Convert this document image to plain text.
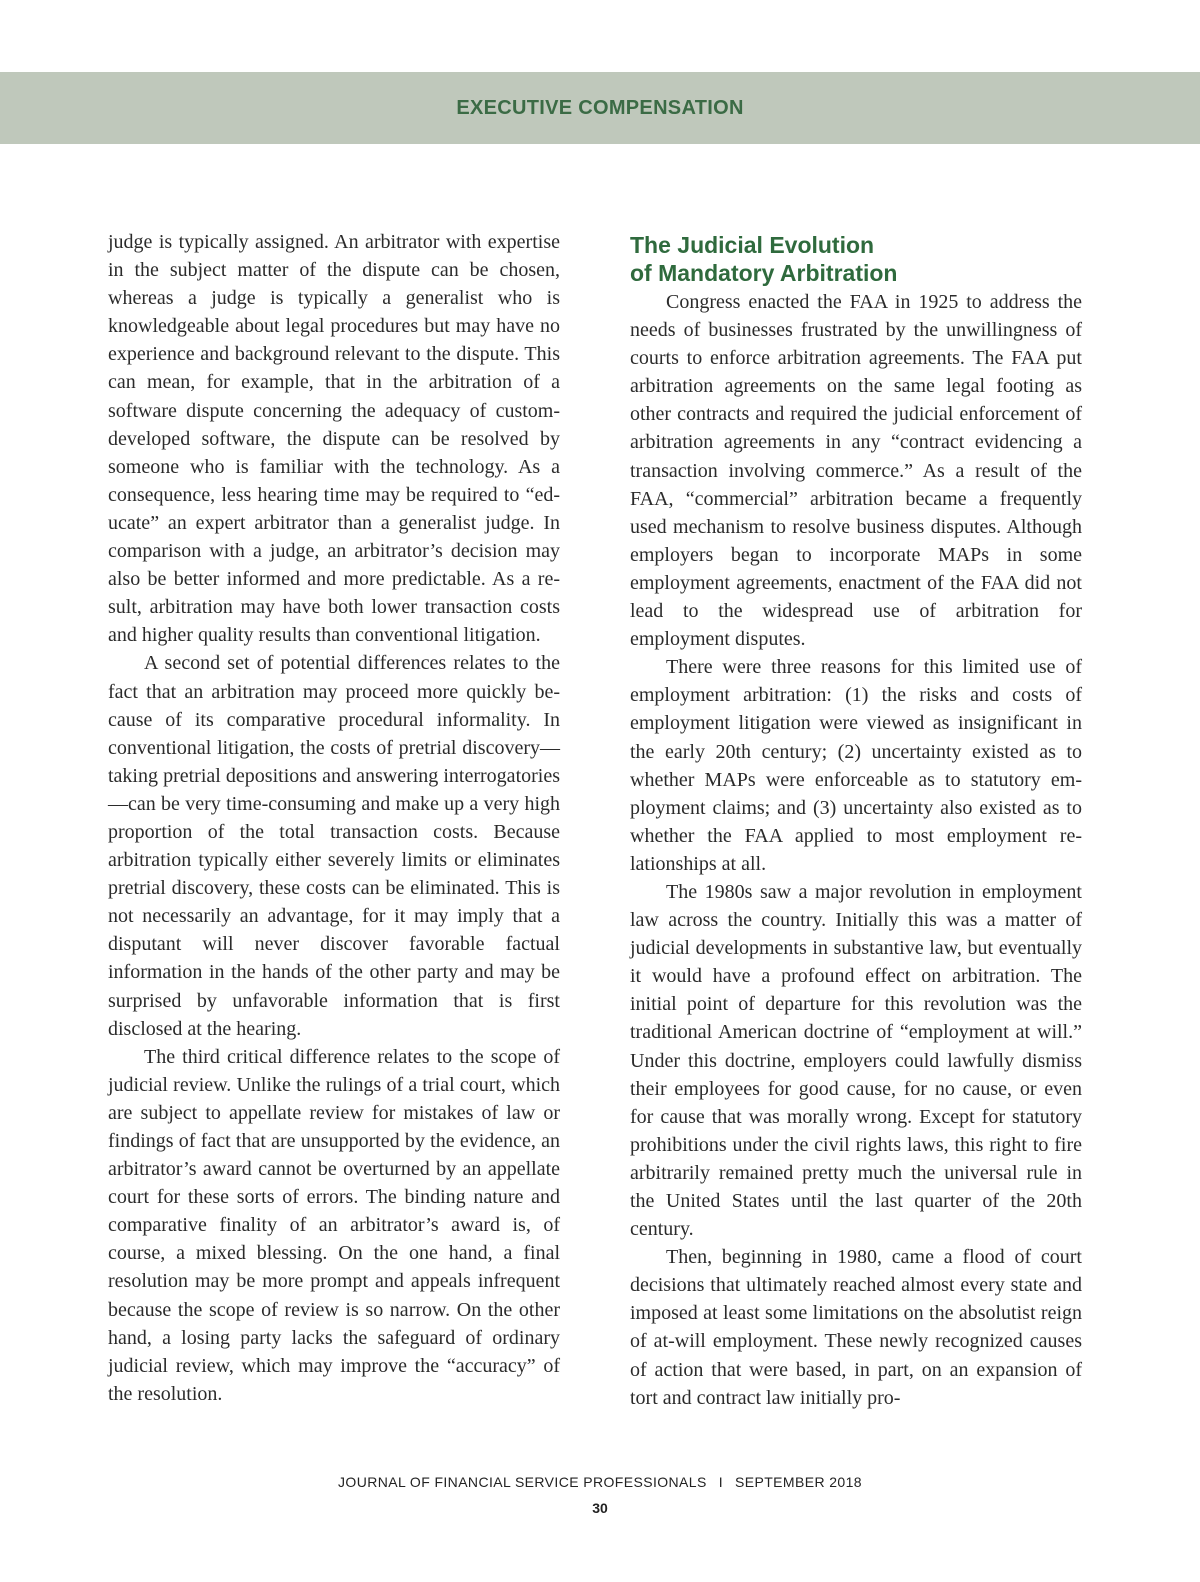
EXECUTIVE COMPENSATION

judge is typically assigned. An arbitrator with expertise in the subject matter of the dispute can be chosen, whereas a judge is typically a generalist who is knowledgeable about legal procedures but may have no experience and background relevant to the dispute. This can mean, for example, that in the arbitration of a software dispute concerning the adequacy of custom-developed software, the dispute can be resolved by someone who is familiar with the technology. As a consequence, less hearing time may be required to “educate” an expert arbitrator than a generalist judge. In comparison with a judge, an arbitrator’s decision may also be better informed and more predictable. As a result, arbitration may have both lower transaction costs and higher quality results than conventional litigation.

A second set of potential differences relates to the fact that an arbitration may proceed more quickly because of its comparative procedural informality. In conventional litigation, the costs of pretrial discovery—taking pretrial depositions and answering interrogatories—can be very time-consuming and make up a very high proportion of the total transaction costs. Because arbitration typically either severely limits or eliminates pretrial discovery, these costs can be eliminated. This is not necessarily an advantage, for it may imply that a disputant will never discover favorable factual information in the hands of the other party and may be surprised by unfavorable information that is first disclosed at the hearing.

The third critical difference relates to the scope of judicial review. Unlike the rulings of a trial court, which are subject to appellate review for mistakes of law or findings of fact that are unsupported by the evidence, an arbitrator’s award cannot be overturned by an appellate court for these sorts of errors. The binding nature and comparative finality of an arbitrator’s award is, of course, a mixed blessing. On the one hand, a final resolution may be more prompt and appeals infrequent because the scope of review is so narrow. On the other hand, a losing party lacks the safeguard of ordinary judicial review, which may improve the “accuracy” of the resolution.

The Judicial Evolution
of Mandatory Arbitration

Congress enacted the FAA in 1925 to address the needs of businesses frustrated by the unwillingness of courts to enforce arbitration agreements. The FAA put arbitration agreements on the same legal footing as other contracts and required the judicial enforcement of arbitration agreements in any “contract evidencing a transaction involving commerce.” As a result of the FAA, “commercial” arbitration became a frequently used mechanism to resolve business disputes. Although employers began to incorporate MAPs in some employment agreements, enactment of the FAA did not lead to the widespread use of arbitration for employment disputes.

There were three reasons for this limited use of employment arbitration: (1) the risks and costs of employment litigation were viewed as insignificant in the early 20th century; (2) uncertainty existed as to whether MAPs were enforceable as to statutory employment claims; and (3) uncertainty also existed as to whether the FAA applied to most employment relationships at all.

The 1980s saw a major revolution in employment law across the country. Initially this was a matter of judicial developments in substantive law, but eventually it would have a profound effect on arbitration. The initial point of departure for this revolution was the traditional American doctrine of “employment at will.” Under this doctrine, employers could lawfully dismiss their employees for good cause, for no cause, or even for cause that was morally wrong. Except for statutory prohibitions under the civil rights laws, this right to fire arbitrarily remained pretty much the universal rule in the United States until the last quarter of the 20th century.

Then, beginning in 1980, came a flood of court decisions that ultimately reached almost every state and imposed at least some limitations on the absolutist reign of at-will employment. These newly recognized causes of action that were based, in part, on an expansion of tort and contract law initially pro-

JOURNAL OF FINANCIAL SERVICE PROFESSIONALS I SEPTEMBER 2018
30
